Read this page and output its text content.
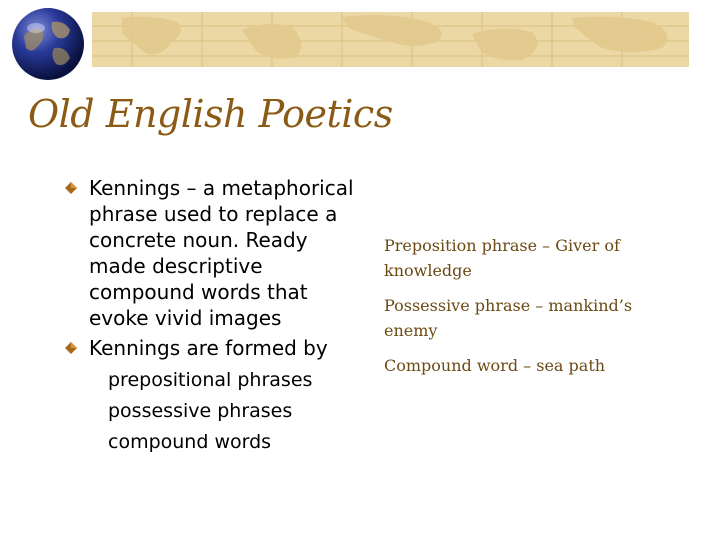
Old English Poetics
Kennings – a metaphorical phrase used to replace a concrete noun. Ready made descriptive compound words that evoke vivid images
Kennings are formed by
prepositional phrases
possessive phrases
compound words
Preposition phrase – Giver of knowledge
Possessive phrase – mankind’s enemy
Compound word – sea path
